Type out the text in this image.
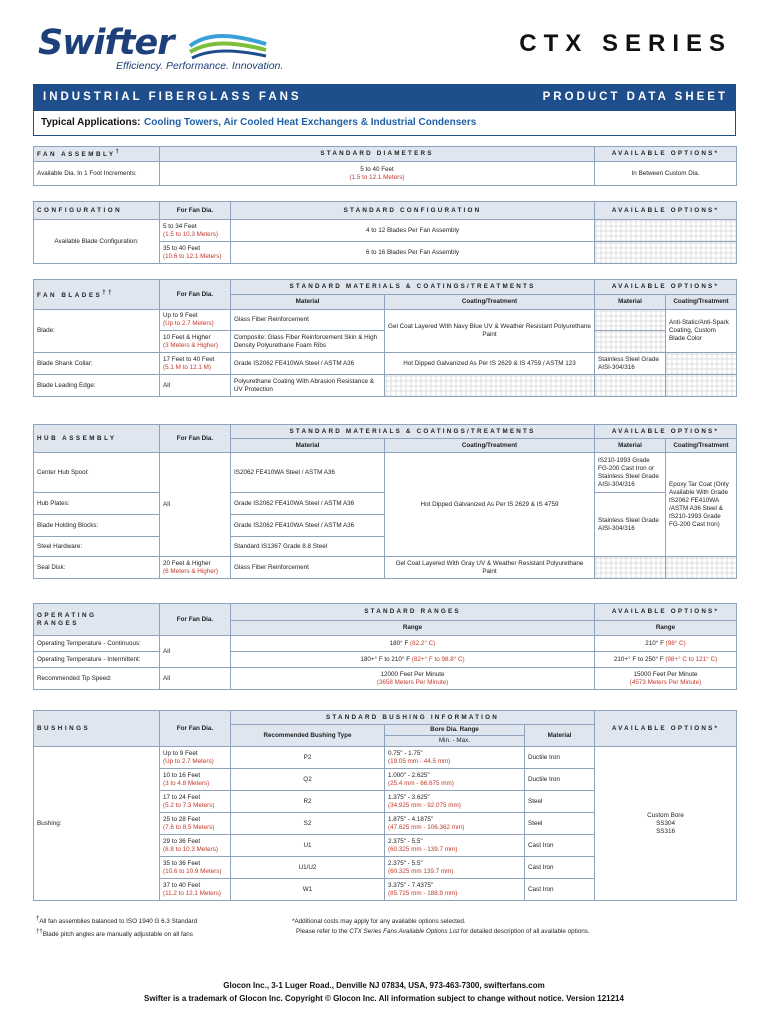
Swifter
Efficiency. Performance. Innovation.
CTX SERIES
INDUSTRIAL FIBERGLASS FANS	PRODUCT DATA SHEET
Typical Applications: Cooling Towers, Air Cooled Heat Exchangers & Industrial Condensers
FAN ASSEMBLY†	STANDARD DIAMETERS	AVAILABLE OPTIONS*
Available Dia. In 1 Foot Increments:	5 to 40 Feet
(1.5 to 12.1 Meters)	In Between Custom Dia.
CONFIGURATION	For Fan Dia.	STANDARD CONFIGURATION	AVAILABLE OPTIONS*
Available Blade Configuration:	5 to 34 Feet
(1.5 to 10.3 Meters)	4 to 12 Blades Per Fan Assembly	
	35 to 40 Feet
(10.6 to 12.1 Meters)	6 to 16 Blades Per Fan Assembly	
FAN BLADES††	For Fan Dia.	STANDARD MATERIALS & COATINGS/TREATMENTS		AVAILABLE OPTIONS*	
		Material	Coating/Treatment	Material	Coating/Treatment
Blade:	Up to 9 Feet
(Up to 2.7 Meters)	Glass Fiber Reinforcement	Gel Coat Layered With Navy Blue UV & Weather Resistant Polyurethane Paint		Anti-Static/Anti-Spark Coating, Custom Blade Color
	10 Feet & Higher
(3 Meters & Higher)	Composite: Glass Fiber Reinforcement Skin & High Density Polyurethane Foam Ribs			
Blade Shank Collar:	17 Feet to 40 Feet
(5.1 M to 12.1 M)	Grade IS2062 FE410WA Steel / ASTM A36	Hot Dipped Galvanized As Per IS 2629 & IS 4759 / ASTM 123	Stainless Steel Grade AISI-304/316	
Blade Leading Edge:	All	Polyurethane Coating With Abrasion Resistance & UV Protection			
HUB ASSEMBLY	For Fan Dia.	STANDARD MATERIALS & COATINGS/TREATMENTS		AVAILABLE OPTIONS*	
		Material	Coating/Treatment	Material	Coating/Treatment
Center Hub Spool:	All	IS2062 FE410WA Steel / ASTM A36	Hot Dipped Galvanized As Per IS 2629 & IS 4759	IS210-1993 Grade FG-200 Cast Iron or Stainless Steel Grade AISI-304/316	Epoxy Tar Coat (Only Available With Grade IS2062 FE410WA /ASTM A36 Steel & IS210-1993 Grade FG-200 Cast Iron)
Hub Plates:		Grade IS2062 FE410WA Steel / ASTM A36		Stainless Steel Grade AISI-304/316	
Blade Holding Blocks:		Grade IS2062 FE410WA Steel / ASTM A36			
Steel Hardware:		Standard IS1367 Grade 8.8 Steel			
Seal Disk:	20 Feet & Higher
(6 Meters & Higher)	Glass Fiber Reinforcement	Gel Coat Layered With Gray UV & Weather Resistant Polyurethane Paint		
OPERATING
RANGES	For Fan Dia.	STANDARD RANGES	AVAILABLE OPTIONS*
		Range	Range
Operating Temperature - Continuous:	All	180° F (82.2° C)	210° F (98° C)
Operating Temperature - Intermittent:		180+° F to 210° F (82+° F to 98.8° C)	210+° F to 250° F (98+° C to 121° C)
Recommended Tip Speed:	All	12000 Feet Per Minute
(3658 Meters Per Minute)	15000 Feet Per Minute
(4573 Meters Per Minute)
BUSHINGS	For Fan Dia.	STANDARD BUSHING INFORMATION			AVAILABLE OPTIONS*
		Recommended Bushing Type	Bore Dia. Range	Material	
			Min. - Max.		
Bushing:	Up to 9 Feet
(Up to 2.7 Meters)	P2	0.75" - 1.75"
(19.05 mm - 44.5 mm)	Ductile Iron	Custom Bore
SS304
SS316
	10 to 16 Feet
(3 to 4.8 Meters)	Q2	1.000" - 2.625"
(25.4 mm - 66.675 mm)	Ductile Iron	
	17 to 24 Feet
(5.2 to 7.3 Meters)	R2	1.375" - 3.625"
(34.925 mm - 92.075 mm)	Steel	
	25 to 28 Feet
(7.6 to 8.5 Meters)	S2	1.875" - 4.1875"
(47.625 mm - 106.362 mm)	Steel	
	29 to 36 Feet
(8.8 to 10.3 Meters)	U1	2.375" - 5.5"
(60.325 mm - 139.7 mm)	Cast Iron	
	35 to 36 Feet
(10.6 to 10.9 Meters)	U1/U2	2.375" - 5.5"
(60.325 mm 139.7 mm)	Cast Iron	
	37 to 40 Feet
(11.2 to 12.1 Meters)	W1	3.375" - 7.4375"
(85.725 mm - 188.9 mm)	Cast Iron	
†All fan assemblies balanced to ISO 1940 G 6.3 Standard
††Blade pitch angles are manually adjustable on all fans
*Additional costs may apply for any available options selected.
Please refer to the CTX Series Fans Available Options List for detailed description of all available options.
Glocon Inc., 3-1 Luger Road., Denville NJ 07834, USA, 973-463-7300, swifterfans.com
Swifter is a trademark of Glocon Inc. Copyright © Glocon Inc. All information subject to change without notice. Version 121214
